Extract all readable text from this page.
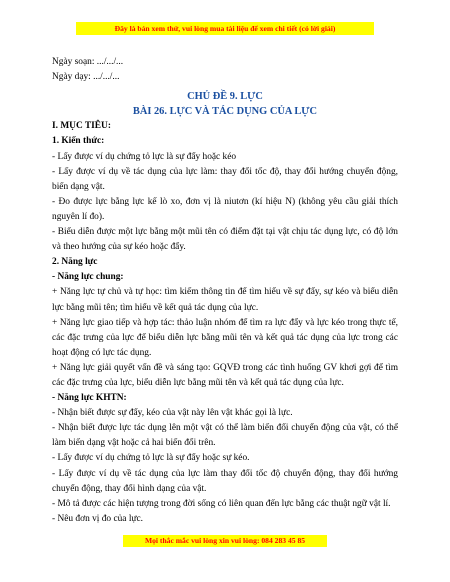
Đây là bản xem thử, vui lòng mua tài liệu để xem chi tiết (có lời giải)
Ngày soạn: .../.../...
Ngày dạy: .../.../...
CHỦ ĐỀ 9. LỰC
BÀI 26. LỰC VÀ TÁC DỤNG CỦA LỰC
I. MỤC TIÊU:
1. Kiến thức:
- Lấy được ví dụ chứng tỏ lực là sự đẩy hoặc kéo
- Lấy được ví dụ về tác dụng của lực làm: thay đổi tốc độ, thay đổi hướng chuyển động, biến dạng vật.
- Đo được lực bằng lực kế lò xo, đơn vị là niutơn (kí hiệu N) (không yêu cầu giải thích nguyên lí đo).
- Biểu diễn được một lực bằng một mũi tên có điểm đặt tại vật chịu tác dụng lực, có độ lớn và theo hướng của sự kéo hoặc đẩy.
2. Năng lực
- Năng lực chung:
+ Năng lực tự chủ và tự học: tìm kiếm thông tin để tìm hiểu về sự đẩy, sự kéo và biểu diễn lực bằng mũi tên; tìm hiểu về kết quả tác dụng của lực.
+ Năng lực giao tiếp và hợp tác: thảo luận nhóm để tìm ra lực đẩy và lực kéo trong thực tế, các đặc trưng của lực để biểu diễn lực bằng mũi tên và kết quả tác dụng của lực trong các hoạt động có lực tác dụng.
+ Năng lực giải quyết vấn đề và sáng tạo: GQVĐ trong các tình huống GV khơi gợi để tìm các đặc trưng của lực, biểu diễn lực bằng mũi tên và kết quả tác dụng của lực.
- Năng lực KHTN:
- Nhận biết được sự đẩy, kéo của vật này lên vật khác gọi là lực.
- Nhận biết được lực tác dụng lên một vật có thể làm biến đổi chuyển động của vật, có thể làm biến dạng vật hoặc cả hai biến đổi trên.
- Lấy được ví dụ chứng tỏ lực là sự đẩy hoặc sự kéo.
- Lấy được ví dụ về tác dụng của lực làm thay đổi tốc độ chuyển động, thay đổi hướng chuyển động, thay đổi hình dạng của vật.
- Mô tả được các hiện tượng trong đời sống có liên quan đến lực bằng các thuật ngữ vật lí.
- Nêu đơn vị đo của lực.
Mọi thắc mắc vui lòng xin vui lòng: 084 283 45 85
